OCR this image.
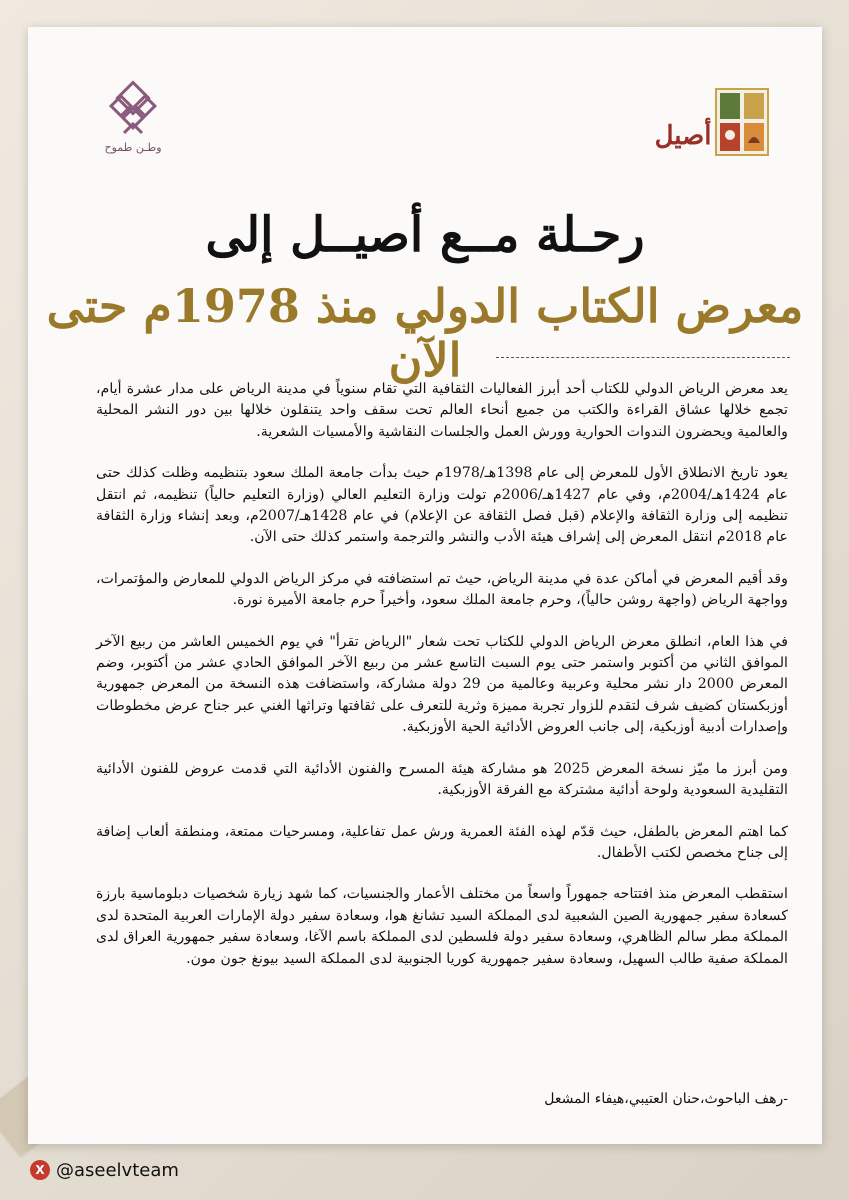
وطـن طموح	أصيل
رحـلة مــع أصيــل إلى
معرض الكتاب الدولي منذ 1978م حتى الآن

يعد معرض الرياض الدولي للكتاب أحد أبرز الفعاليات الثقافية التي تقام سنوياً في مدينة الرياض على مدار عشرة أيام، تجمع خلالها عشاق القراءة والكتب من جميع أنحاء العالم تحت سقف واحد يتنقلون خلالها بين دور النشر المحلية والعالمية ويحضرون الندوات الحوارية وورش العمل والجلسات النقاشية والأمسيات الشعرية.

يعود تاريخ الانطلاق الأول للمعرض إلى عام 1398هـ/1978م حيث بدأت جامعة الملك سعود بتنظيمه وظلت كذلك حتى عام 1424هـ/2004م، وفي عام 1427هـ/2006م تولت وزارة التعليم العالي (وزارة التعليم حالياً) تنظيمه، ثم انتقل تنظيمه إلى وزارة الثقافة والإعلام (قبل فصل الثقافة عن الإعلام) في عام 1428هـ/2007م، وبعد إنشاء وزارة الثقافة عام 2018م انتقل المعرض إلى إشراف هيئة الأدب والنشر والترجمة واستمر كذلك حتى الآن.

وقد أقيم المعرض في أماكن عدة في مدينة الرياض، حيث تم استضافته في مركز الرياض الدولي للمعارض والمؤتمرات، وواجهة الرياض (واجهة روشن حالياً)، وحرم جامعة الملك سعود، وأخيراً حرم جامعة الأميرة نورة.

في هذا العام، انطلق معرض الرياض الدولي للكتاب تحت شعار "الرياض تقرأ" في يوم الخميس العاشر من ربيع الآخر الموافق الثاني من أكتوبر واستمر حتى يوم السبت التاسع عشر من ربيع الآخر الموافق الحادي عشر من أكتوبر، وضم المعرض 2000 دار نشر محلية وعربية وعالمية من 29 دولة مشاركة، واستضافت هذه النسخة من المعرض جمهورية أوزبكستان كضيف شرف لتقدم للزوار تجربة مميزة وثرية للتعرف على ثقافتها وتراثها الغني عبر جناح عرض مخطوطات وإصدارات أدبية أوزبكية، إلى جانب العروض الأدائية الحية الأوزبكية.

ومن أبرز ما ميّز نسخة المعرض 2025 هو مشاركة هيئة المسرح والفنون الأدائية التي قدمت عروض للفنون الأدائية التقليدية السعودية ولوحة أدائية مشتركة مع الفرقة الأوزبكية.

كما اهتم المعرض بالطفل، حيث قدّم لهذه الفئة العمرية ورش عمل تفاعلية، ومسرحيات ممتعة، ومنطقة ألعاب إضافة إلى جناح مخصص لكتب الأطفال.

استقطب المعرض منذ افتتاحه جمهوراً واسعاً من مختلف الأعمار والجنسيات، كما شهد زيارة شخصيات دبلوماسية بارزة كسعادة سفير جمهورية الصين الشعبية لدى المملكة السيد تشانغ هوا، وسعادة سفير دولة الإمارات العربية المتحدة لدى المملكة مطر سالم الظاهري، وسعادة سفير دولة فلسطين لدى المملكة باسم الآغا، وسعادة سفير جمهورية العراق لدى المملكة صفية طالب السهيل، وسعادة سفير جمهورية كوريا الجنوبية لدى المملكة السيد بيونغ جون مون.

-رهف الباحوث،حنان العتيبي،هيفاء المشعل
X @aseelvteam
